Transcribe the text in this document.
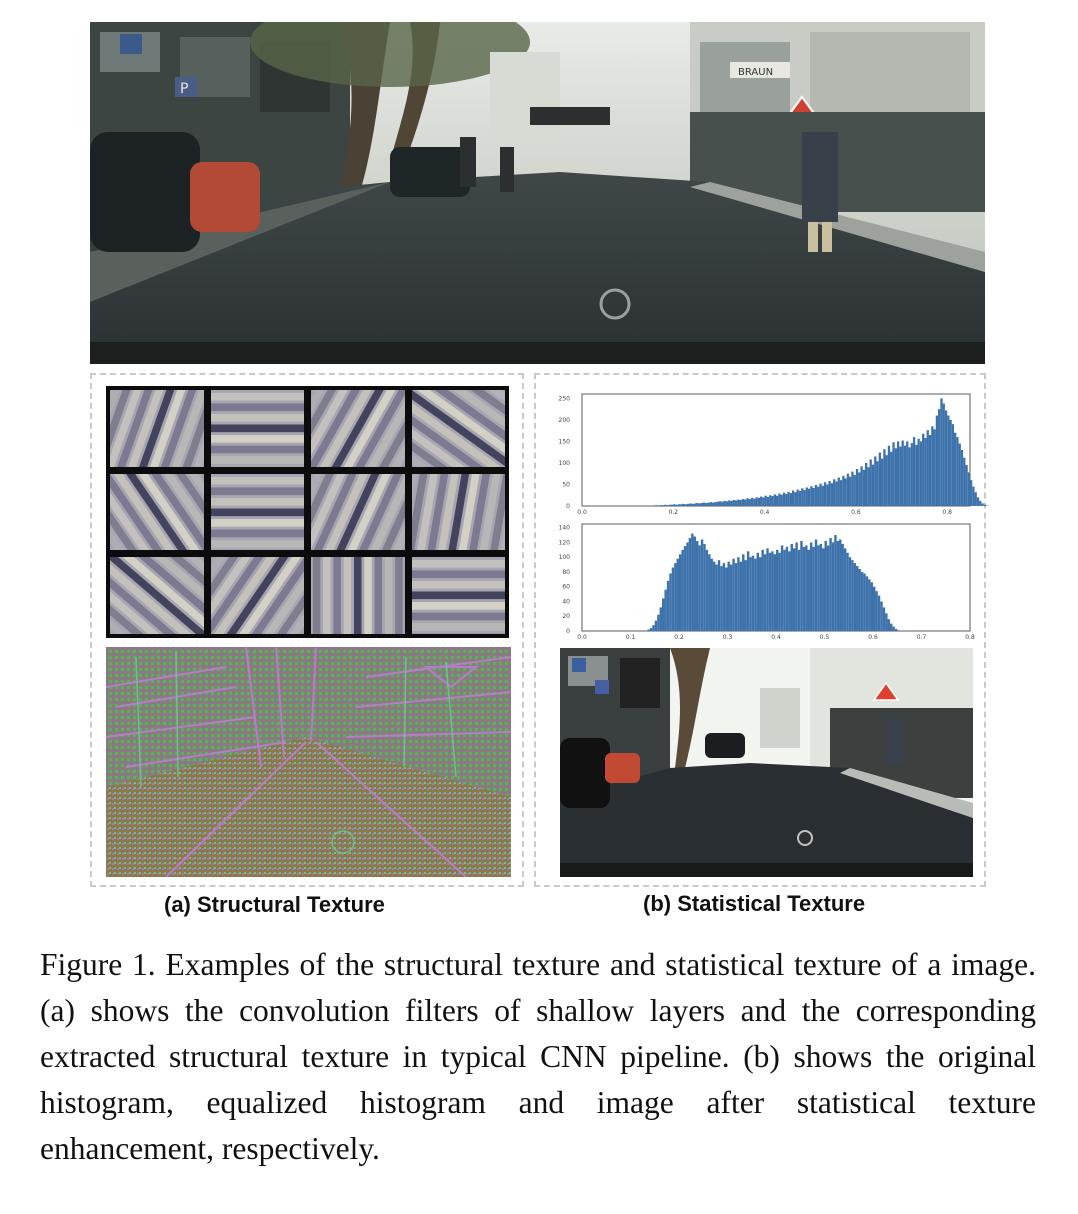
P
BRAUN
0.0	0.2	0.4	0.6	0.8
0
50
100
150
200
250
0.0	0.1	0.2	0.3	0.4	0.5	0.6	0.7	0.8
0
20
40
60
80
100
120
140
(a) Structural Texture	(b) Statistical Texture
Figure 1. Examples of the structural texture and statistical texture of a image. (a) shows the convolution filters of shallow layers and the corresponding extracted structural texture in typical CNN pipeline. (b) shows the original histogram, equalized histogram and image after statistical texture enhancement, respectively.
